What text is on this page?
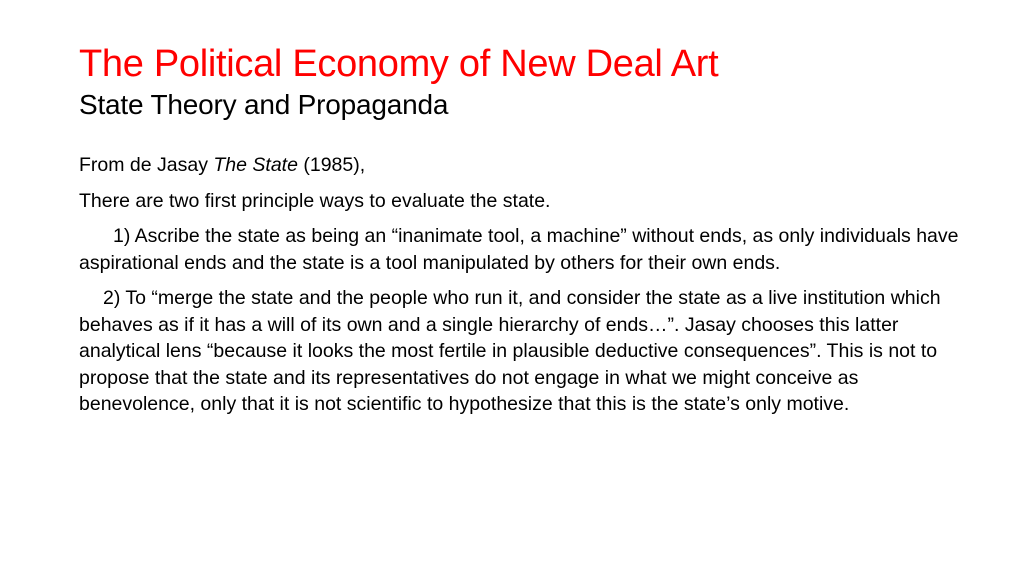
The Political Economy of New Deal Art
State Theory and Propaganda

From de Jasay The State (1985),

There are two first principle ways to evaluate the state.

1) Ascribe the state as being an “inanimate tool, a machine” without ends, as only individuals have aspirational ends and the state is a tool manipulated by others for their own ends.

2) To “merge the state and the people who run it, and consider the state as a live institution which behaves as if it has a will of its own and a single hierarchy of ends…”. Jasay chooses this latter analytical lens “because it looks the most fertile in plausible deductive consequences”. This is not to propose that the state and its representatives do not engage in what we might conceive as benevolence, only that it is not scientific to hypothesize that this is the state’s only motive.
